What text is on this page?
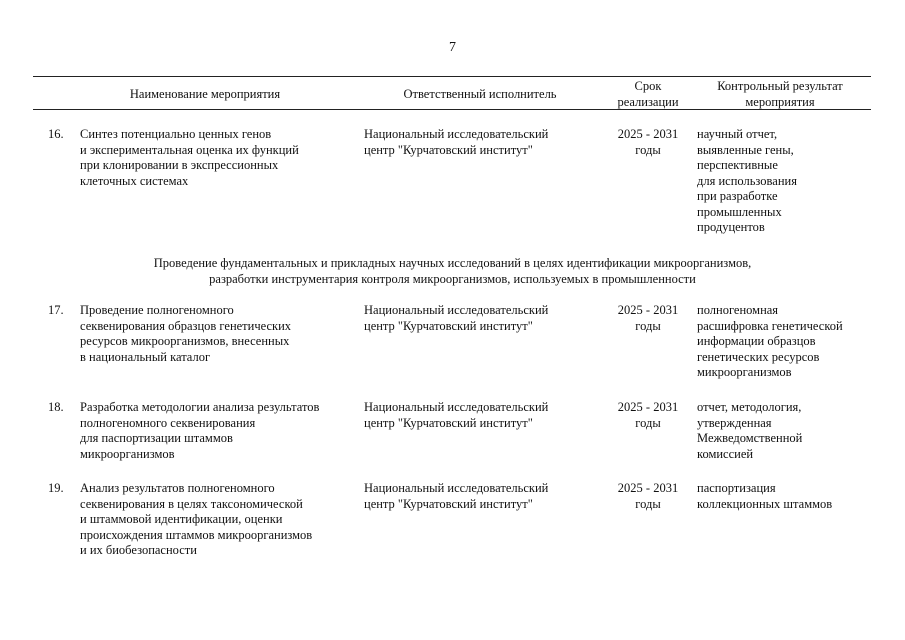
7
Наименование мероприятия	Ответственный исполнитель
Срок
реализации
Контрольный результат
мероприятия
16. Синтез потенциально ценных генов
и экспериментальная оценка их функций
при клонировании в экспрессионных
клеточных системах
Национальный исследовательский
центр "Курчатовский институт"
2025 - 2031
годы
научный отчет,
выявленные гены,
перспективные
для использования
при разработке
промышленных
продуцентов
Проведение фундаментальных и прикладных научных исследований в целях идентификации микроорганизмов,
разработки инструментария контроля микроорганизмов, используемых в промышленности
17. Проведение полногеномного
секвенирования образцов генетических
ресурсов микроорганизмов, внесенных
в национальный каталог
Национальный исследовательский
центр "Курчатовский институт"
2025 - 2031
годы
полногеномная
расшифровка генетической
информации образцов
генетических ресурсов
микроорганизмов
18. Разработка методологии анализа результатов
полногеномного секвенирования
для паспортизации штаммов
микроорганизмов
Национальный исследовательский
центр "Курчатовский институт"
2025 - 2031
годы
отчет, методология,
утвержденная
Межведомственной
комиссией
19. Анализ результатов полногеномного
секвенирования в целях таксономической
и штаммовой идентификации, оценки
происхождения штаммов микроорганизмов
и их биобезопасности
Национальный исследовательский
центр "Курчатовский институт"
2025 - 2031
годы
паспортизация
коллекционных штаммов
